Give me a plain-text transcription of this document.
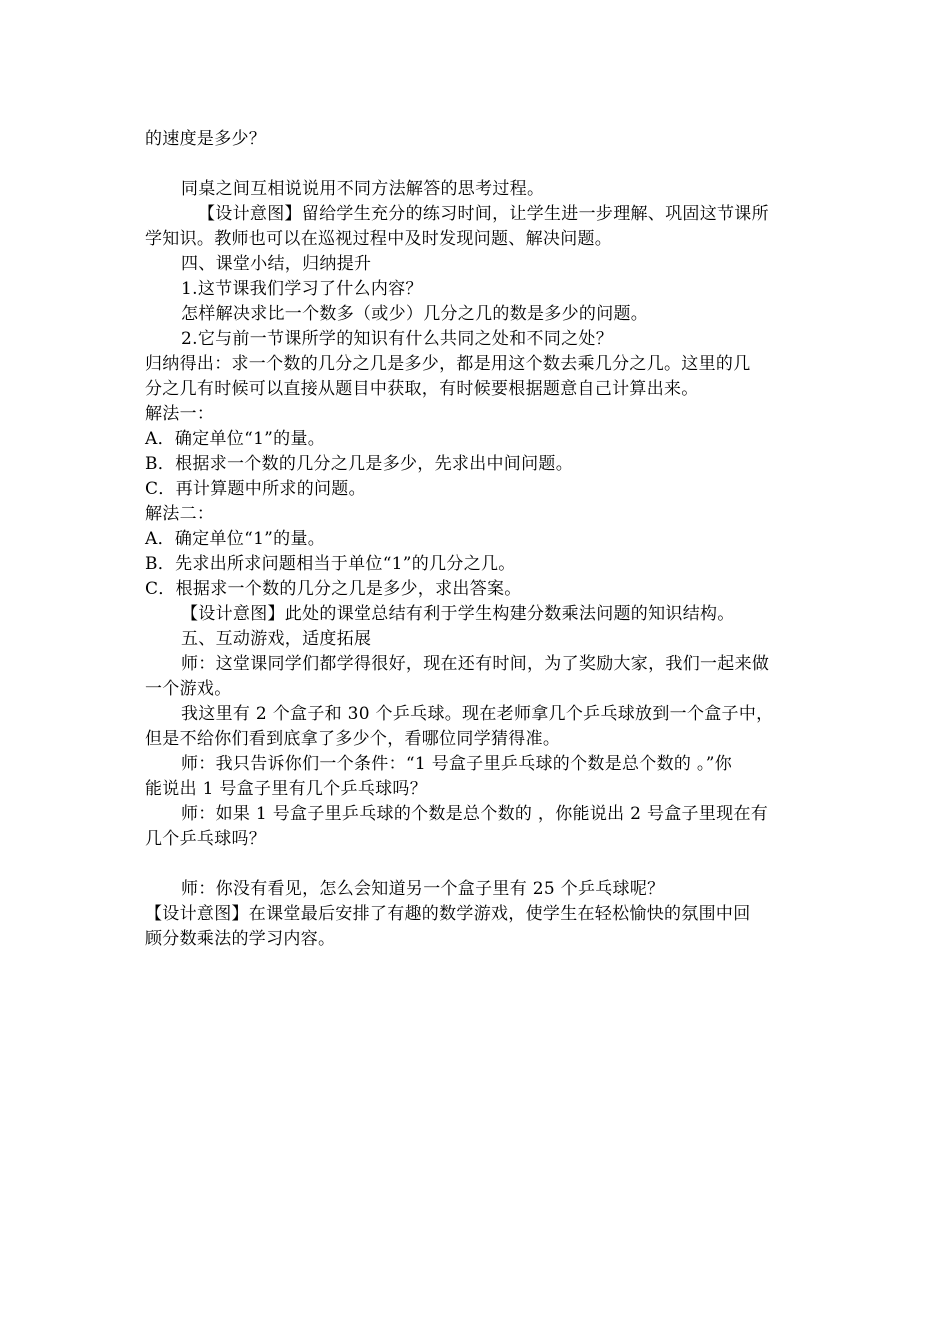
的速度是多少？
同桌之间互相说说用不同方法解答的思考过程。
【设计意图】留给学生充分的练习时间，让学生进一步理解、巩固这节课所
学知识。教师也可以在巡视过程中及时发现问题、解决问题。
四、课堂小结，归纳提升
1.这节课我们学习了什么内容？
怎样解决求比一个数多（或少）几分之几的数是多少的问题。
2.它与前一节课所学的知识有什么共同之处和不同之处？
归纳得出：求一个数的几分之几是多少，都是用这个数去乘几分之几。这里的几
分之几有时候可以直接从题目中获取，有时候要根据题意自己计算出来。
解法一：
A．确定单位“1”的量。
B．根据求一个数的几分之几是多少，先求出中间问题。
C．再计算题中所求的问题。
解法二：
A．确定单位“1”的量。
B．先求出所求问题相当于单位“1”的几分之几。
C．根据求一个数的几分之几是多少，求出答案。
【设计意图】此处的课堂总结有利于学生构建分数乘法问题的知识结构。
五、互动游戏，适度拓展
师：这堂课同学们都学得很好，现在还有时间，为了奖励大家，我们一起来做
一个游戏。
我这里有 2 个盒子和 30 个乒乓球。现在老师拿几个乒乓球放到一个盒子中，
但是不给你们看到底拿了多少个，看哪位同学猜得准。
师：我只告诉你们一个条件：“1 号盒子里乒乓球的个数是总个数的 。”你
能说出 1 号盒子里有几个乒乓球吗？
师：如果 1 号盒子里乒乓球的个数是总个数的 ，你能说出 2 号盒子里现在有
几个乒乓球吗？
师：你没有看见，怎么会知道另一个盒子里有 25 个乒乓球呢？
【设计意图】在课堂最后安排了有趣的数学游戏，使学生在轻松愉快的氛围中回
顾分数乘法的学习内容。
